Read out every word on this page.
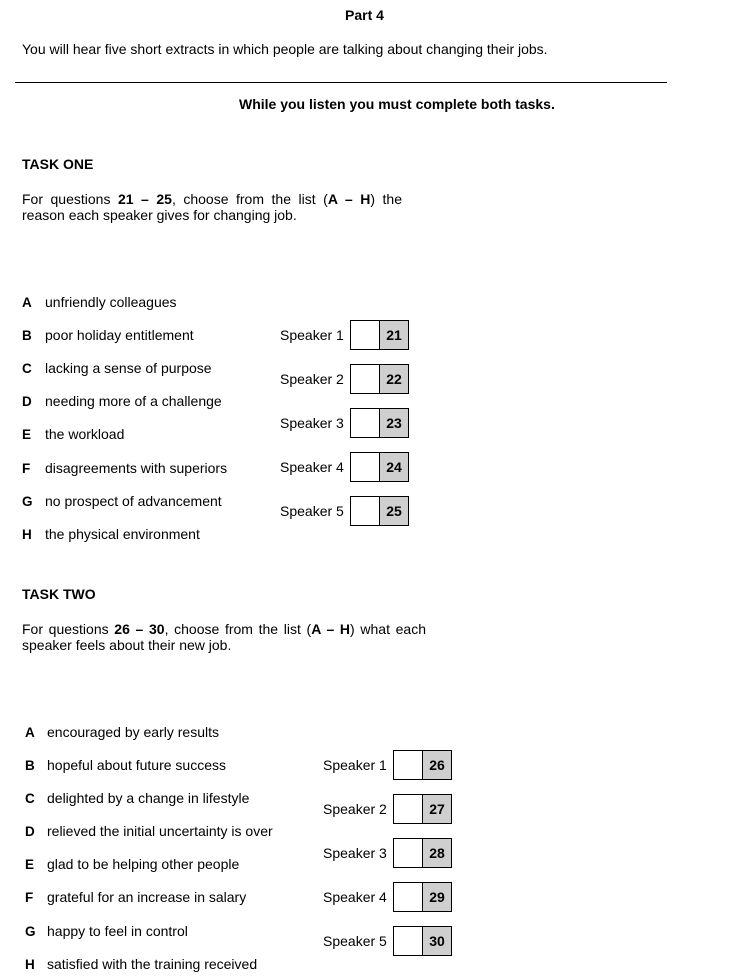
Part 4
You will hear five short extracts in which people are talking about changing their jobs.
While you listen you must complete both tasks.
TASK ONE
For questions 21 – 25, choose from the list (A – H) the reason each speaker gives for changing job.
A unfriendly colleagues
B poor holiday entitlement
C lacking a sense of purpose
D needing more of a challenge
E the workload
F disagreements with superiors
G no prospect of advancement
H the physical environment
Speaker 1	21
Speaker 2	22
Speaker 3	23
Speaker 4	24
Speaker 5	25
TASK TWO
For questions 26 – 30, choose from the list (A – H) what each speaker feels about their new job.
A encouraged by early results
B hopeful about future success
C delighted by a change in lifestyle
D relieved the initial uncertainty is over
E glad to be helping other people
F grateful for an increase in salary
G happy to feel in control
H satisfied with the training received
Speaker 1	26
Speaker 2	27
Speaker 3	28
Speaker 4	29
Speaker 5	30
